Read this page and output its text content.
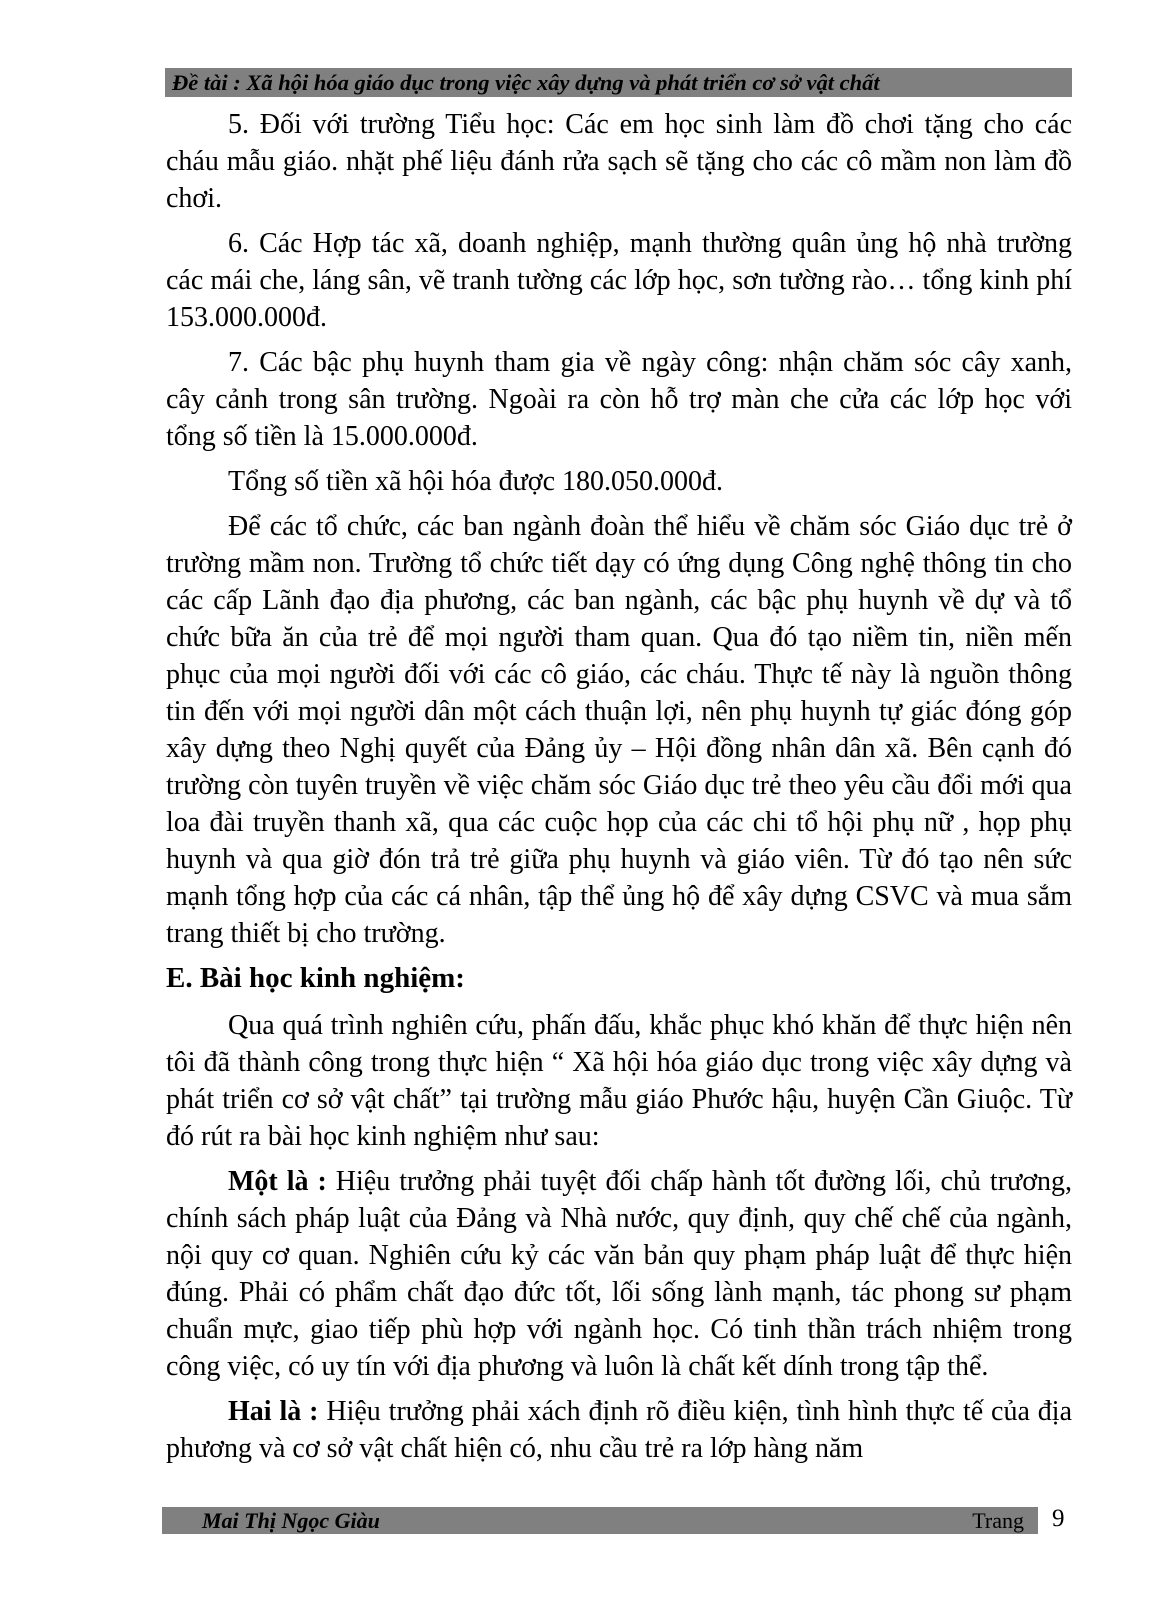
Đề tài : Xã hội hóa giáo dục trong việc xây dựng và phát triển cơ sở vật chất

5. Đối với trường Tiểu học: Các em học sinh làm đồ chơi tặng cho các cháu mẫu giáo. nhặt phế liệu đánh rửa sạch sẽ tặng cho các cô mầm non làm đồ chơi.

6. Các Hợp tác xã, doanh nghiệp, mạnh thường quân ủng hộ nhà trường các mái che, láng sân, vẽ tranh tường các lớp học, sơn tường rào… tổng kinh phí 153.000.000đ.

7. Các bậc phụ huynh tham gia về ngày công: nhận chăm sóc cây xanh, cây cảnh trong sân trường. Ngoài ra còn hỗ trợ màn che cửa các lớp học với tổng số tiền là 15.000.000đ.

Tổng số tiền xã hội hóa được 180.050.000đ.

Để các tổ chức, các ban ngành đoàn thể hiểu về chăm sóc Giáo dục trẻ ở trường mầm non. Trường tổ chức tiết dạy có ứng dụng Công nghệ thông tin cho các cấp Lãnh đạo địa phương, các ban ngành, các bậc phụ huynh về dự và tổ chức bữa ăn của trẻ để mọi người tham quan. Qua đó tạo niềm tin, niền mến phục của mọi người đối với các cô giáo, các cháu. Thực tế này là nguồn thông tin đến với mọi người dân một cách thuận lợi, nên phụ huynh tự giác đóng góp xây dựng theo Nghị quyết của Đảng ủy – Hội đồng nhân dân xã. Bên cạnh đó trường còn tuyên truyền về việc chăm sóc Giáo dục trẻ theo yêu cầu đổi mới qua loa đài truyền thanh xã, qua các cuộc họp của các chi tổ hội phụ nữ , họp phụ huynh và qua giờ đón trả trẻ giữa phụ huynh và giáo viên. Từ đó tạo nên sức mạnh tổng hợp của các cá nhân, tập thể ủng hộ để xây dựng CSVC và mua sắm trang thiết bị cho trường.

E. Bài học kinh nghiệm:

Qua quá trình nghiên cứu, phấn đấu, khắc phục khó khăn để thực hiện nên tôi đã thành công trong thực hiện “ Xã hội hóa giáo dục trong việc xây dựng và phát triển cơ sở vật chất” tại trường mẫu giáo Phước hậu, huyện Cần Giuộc. Từ đó rút ra bài học kinh nghiệm như sau:

Một là : Hiệu trưởng phải tuyệt đối chấp hành tốt đường lối, chủ trương, chính sách pháp luật của Đảng và Nhà nước, quy định, quy chế chế của ngành, nội quy cơ quan. Nghiên cứu kỷ các văn bản quy phạm pháp luật để thực hiện đúng. Phải có phẩm chất đạo đức tốt, lối sống lành mạnh, tác phong sư phạm chuẩn mực, giao tiếp phù hợp với ngành học. Có tinh thần trách nhiệm trong công việc, có uy tín với địa phương và luôn là chất kết dính trong tập thể.

Hai là : Hiệu trưởng phải xách định rõ điều kiện, tình hình thực tế của địa phương và cơ sở vật chất hiện có, nhu cầu trẻ ra lớp hàng năm

Mai Thị Ngọc Giàu	Trang 9
